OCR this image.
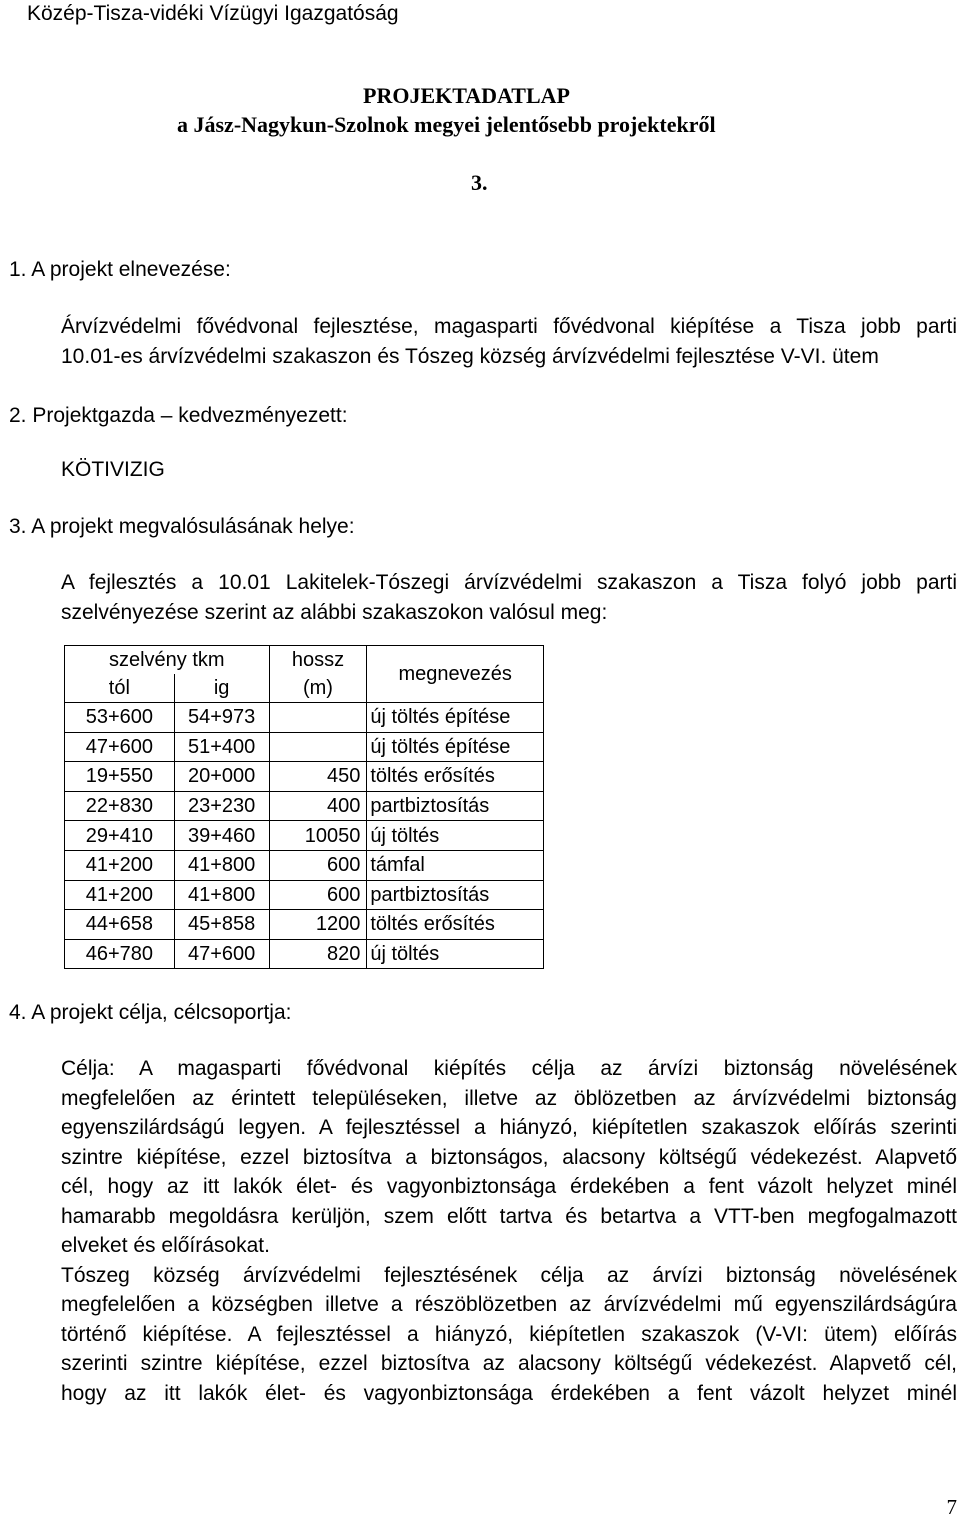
Közép-Tisza-vidéki Vízügyi Igazgatóság
PROJEKTADATLAP
a Jász-Nagykun-Szolnok megyei jelentősebb projektekről
3.
1. A projekt elnevezése:
Árvízvédelmi fővédvonal fejlesztése, magasparti fővédvonal kiépítése a Tisza jobb parti
10.01-es árvízvédelmi szakaszon és Tószeg község árvízvédelmi fejlesztése V-VI. ütem
2. Projektgazda – kedvezményezett:
KÖTIVIZIG
3. A projekt megvalósulásának helye:
A fejlesztés a 10.01 Lakitelek-Tószegi árvízvédelmi szakaszon a Tisza folyó jobb parti
szelvényezése szerint az alábbi szakaszokon valósul meg:
szelvény tkm		hossz	megnevezés
tól	ig	(m)	
53+600	54+973		új töltés építése
47+600	51+400		új töltés építése
19+550	20+000	450	töltés erősítés
22+830	23+230	400	partbiztosítás
29+410	39+460	10050	új töltés
41+200	41+800	600	támfal
41+200	41+800	600	partbiztosítás
44+658	45+858	1200	töltés erősítés
46+780	47+600	820	új töltés
4. A projekt célja, célcsoportja:
Célja: A magasparti fővédvonal kiépítés célja az árvízi biztonság növelésének
megfelelően az érintett településeken, illetve az öblözetben az árvízvédelmi biztonság
egyenszilárdságú legyen. A fejlesztéssel a hiányzó, kiépítetlen szakaszok előírás szerinti
szintre kiépítése, ezzel biztosítva a biztonságos, alacsony költségű védekezést. Alapvető
cél, hogy az itt lakók élet- és vagyonbiztonsága érdekében a fent vázolt helyzet minél
hamarabb megoldásra kerüljön, szem előtt tartva és betartva a VTT-ben megfogalmazott
elveket és előírásokat.
Tószeg község árvízvédelmi fejlesztésének célja az árvízi biztonság növelésének
megfelelően a községben illetve a részöblözetben az árvízvédelmi mű egyenszilárdságúra
történő kiépítése. A fejlesztéssel a hiányzó, kiépítetlen szakaszok (V-VI: ütem) előírás
szerinti szintre kiépítése, ezzel biztosítva az alacsony költségű védekezést. Alapvető cél,
hogy az itt lakók élet- és vagyonbiztonsága érdekében a fent vázolt helyzet minél
7
